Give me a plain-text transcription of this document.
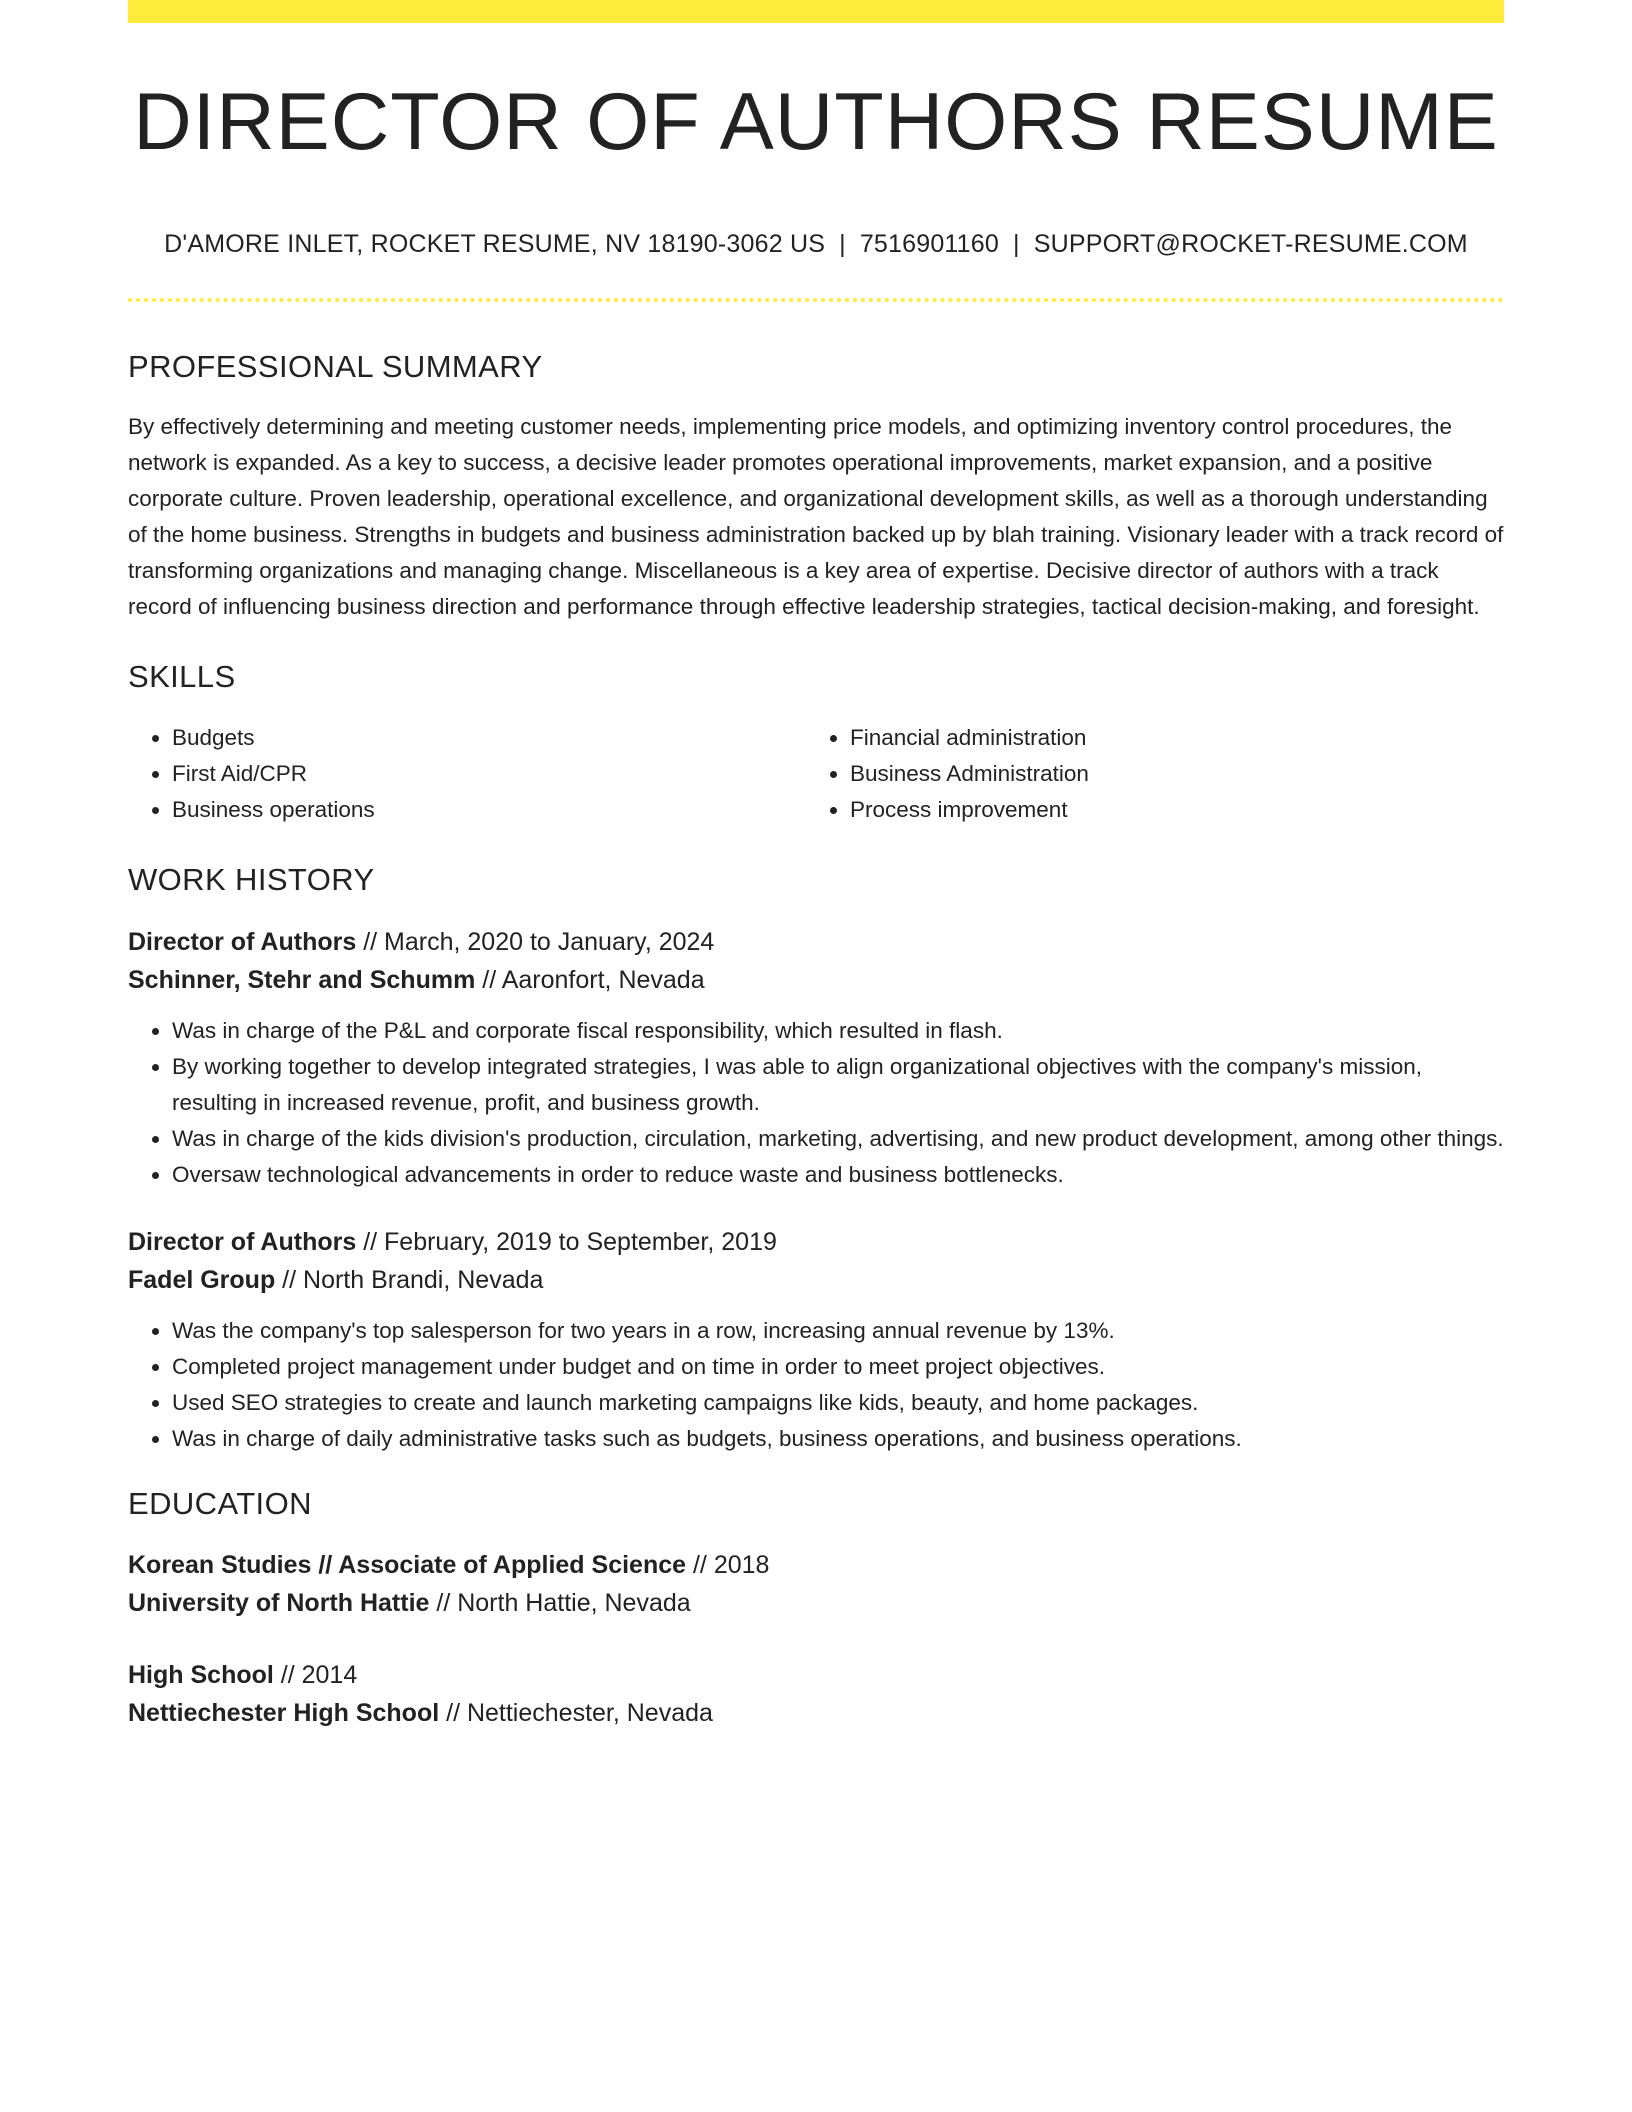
DIRECTOR OF AUTHORS RESUME
D'AMORE INLET, ROCKET RESUME, NV 18190-3062 US | 7516901160 | SUPPORT@ROCKET-RESUME.COM
PROFESSIONAL SUMMARY

By effectively determining and meeting customer needs, implementing price models, and optimizing inventory control procedures, the network is expanded. As a key to success, a decisive leader promotes operational improvements, market expansion, and a positive corporate culture. Proven leadership, operational excellence, and organizational development skills, as well as a thorough understanding of the home business. Strengths in budgets and business administration backed up by blah training. Visionary leader with a track record of transforming organizations and managing change. Miscellaneous is a key area of expertise. Decisive director of authors with a track record of influencing business direction and performance through effective leadership strategies, tactical decision-making, and foresight.

SKILLS
• Budgets
• First Aid/CPR
• Business operations
• Financial administration
• Business Administration
• Process improvement
WORK HISTORY
Director of Authors // March, 2020 to January, 2024
Schinner, Stehr and Schumm // Aaronfort, Nevada
• Was in charge of the P&L and corporate fiscal responsibility, which resulted in flash.
• By working together to develop integrated strategies, I was able to align organizational objectives with the company's mission, resulting in increased revenue, profit, and business growth.
• Was in charge of the kids division's production, circulation, marketing, advertising, and new product development, among other things.
• Oversaw technological advancements in order to reduce waste and business bottlenecks.
Director of Authors // February, 2019 to September, 2019
Fadel Group // North Brandi, Nevada
• Was the company's top salesperson for two years in a row, increasing annual revenue by 13%.
• Completed project management under budget and on time in order to meet project objectives.
• Used SEO strategies to create and launch marketing campaigns like kids, beauty, and home packages.
• Was in charge of daily administrative tasks such as budgets, business operations, and business operations.
EDUCATION
Korean Studies // Associate of Applied Science // 2018
University of North Hattie // North Hattie, Nevada
High School // 2014
Nettiechester High School // Nettiechester, Nevada
